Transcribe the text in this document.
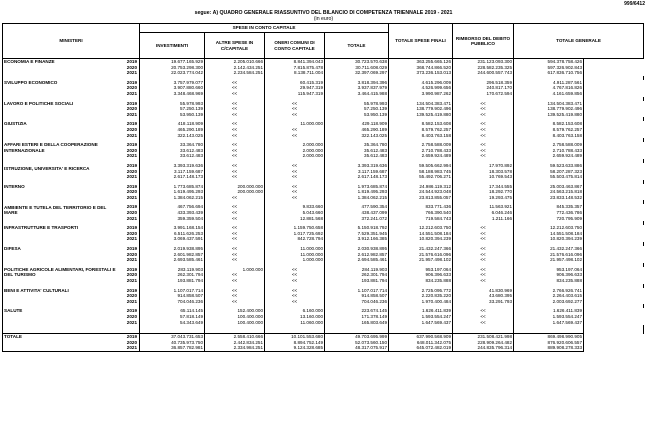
999/6412
segue: A) QUADRO GENERALE RIASSUNTIVO DEL BILANCIO DI COMPETENZA TRIENNALE 2019 - 2021
(in euro)
MINISTERI		SPESE IN CONTO CAPITALE				TOTALE SPESE FINALI	RIMBORSO DEL DEBITO PUBBLICO	TOTALE GENERALE	
		INVESTIMENTI	ALTRE SPESE IN C/CAPITALE	ONERI COMUNI DI CONTO CAPITALE	TOTALE				
ECONOMIA E FINANZE	2019	19.677.165.929	2.205.010.666	8.841.394.043	30.723.570.638	363.255.665.126	231.123.093.300	594.378.758.426	
	2020	20.753.298.300	2.142.434.251	7.815.875.478	30.711.608.029	368.744.866.520	228.582.235.325	597.326.902.843	
	2021	22.023.774.042	2.234.584.251	8.138.711.004	32.397.069.297	373.236.153.013	244.600.557.743	617.836.710.756	

SVILUPPO ECONOMICO	2019	3.757.979.077	<<	60.415.319	3.818.394.396	4.615.296.009	296.518.359	4.911.287.561	
	2020	3.907.880.660	<<	29.947.319	3.937.837.979	4.526.999.656	240.817.170	4.767.816.826	
	2021	3.348.468.969	<<	115.947.319	3.464.415.988	3.990.987.262	170.672.594	4.161.659.856	

LAVORO E POLITICHE SOCIALI	2019	55.978.993	<<	<<	55.978.993	134.504.383.471	<<	134.504.383.471	
	2020	57.250.139	<<	<<	57.250.139	138.779.902.496	<<	138.779.902.496	
	2021	53.950.139	<<	<<	53.950.139	139.525.419.880	<<	139.525.419.880	

GIUSTIZIA	2019	418.118.909	<<	11.000.000	429.118.909	8.582.153.608	<<	8.582.153.608	
	2020	465.290.189	<<	<<	465.290.189	8.579.762.257	<<	8.579.762.257	
	2021	322.143.025	<<	<<	322.143.025	8.403.763.158	<<	8.403.763.158	

AFFARI ESTERI E DELLA COOPERAZIONE INTERNAZIONALE	2019	33.364.780	<<	2.000.000	35.364.780	2.758.588.009	<<	2.758.588.009	
	2020	33.612.483	<<	2.000.000	35.612.483	2.710.788.433	<<	2.710.788.433	
	2021	33.612.483	<<	2.000.000	35.612.483	2.659.924.489	<<	2.659.924.489	

ISTRUZIONE, UNIVERSITA' E RICERCA	2019	3.393.319.636	<<	<<	3.393.319.636	59.505.662.994	17.970.892	59.523.633.886	
	2020	3.117.159.687	<<	<<	3.117.159.687	58.188.983.745	18.303.578	58.207.287.323	
	2021	2.617.148.173	<<	<<	2.617.148.173	55.492.706.271	10.769.543	55.503.475.814	

INTERNO	2019	1.773.685.874	200.000.000	<<	1.973.685.874	24.986.119.312	17.344.555	25.003.463.867	
	2020	1.619.495.293	200.000.000	<<	1.819.495.293	24.544.923.048	18.292.770	24.563.215.818	
	2021	1.384.062.215	<<	<<	1.384.062.215	23.813.855.057	19.293.475	23.833.148.532	

AMBIENTE E TUTELA DEL TERRITORIO E DEL MARE	2019	467.756.694	<<	9.833.660	477.590.354	833.771.436	11.563.921	845.335.357	
	2020	433.393.439	<<	5.043.660	438.437.099	766.390.540	6.046.246	772.436.786	
	2021	359.359.504	<<	12.881.568	372.241.072	719.584.743	1.211.166	720.795.909	

INFRASTRUTTURE E TRASPORTI	2019	3.991.168.154	<<	1.159.750.658	5.150.918.792	12.212.603.750	<<	12.212.603.750	
	2020	6.511.626.253	<<	1.017.725.692	7.529.351.945	14.551.508.184	<<	14.551.508.184	
	2021	3.069.437.591	<<	842.728.794	3.912.166.385	10.820.394.239	<<	10.820.394.239	

DIFESA	2019	2.019.938.895	<<	11.000.000	2.030.938.895	21.432.247.366	<<	21.432.247.366	
	2020	2.601.982.857	<<	11.000.000	2.612.982.857	21.576.616.096	<<	21.576.616.096	
	2021	2.693.585.461	<<	1.000.000	2.694.585.461	21.957.498.102	<<	21.957.498.102	

POLITICHE AGRICOLE ALIMENTARI, FORESTALI E DEL TURISMO	2019	283.119.903	1.000.000	<<	284.119.903	953.197.064	<<	953.197.064	
	2020	262.301.794	<<	<<	262.301.794	906.396.633	<<	906.396.633	
	2021	193.881.794	<<	<<	193.881.794	834.235.888	<<	834.235.888	

BENI E ATTIVITA' CULTURALI	2019	1.107.017.714	<<	<<	1.107.017.714	2.725.095.772	41.830.969	2.766.926.741	
	2020	914.858.507	<<	<<	914.858.507	2.220.835.220	43.680.395	2.264.403.615	
	2021	704.046.236	<<	<<	704.046.236	1.970.400.484	33.291.793	2.003.692.277	

SALUTE	2019	65.114.145	152.400.000	6.160.000	223.674.145	1.626.411.839	<<	1.626.411.839	
	2020	57.818.149	100.400.000	13.160.000	171.378.149	1.593.554.247	<<	1.593.554.247	
	2021	54.343.649	100.400.000	11.060.000	165.803.649	1.647.569.437	<<	1.647.569.437	

TOTALE	2019	37.043.731.653	2.558.410.666	10.101.553.680	49.703.695.999	637.990.568.909	231.508.421.998	869.498.990.905	
	2020	40.735.973.750	2.442.834.251	8.894.752.149	52.073.560.150	648.011.342.075	228.909.264.482	876.920.606.557	
	2021	36.857.782.981	2.334.984.251	9.124.328.685	48.317.075.917	645.072.482.019	244.835.796.314	889.908.278.333	
